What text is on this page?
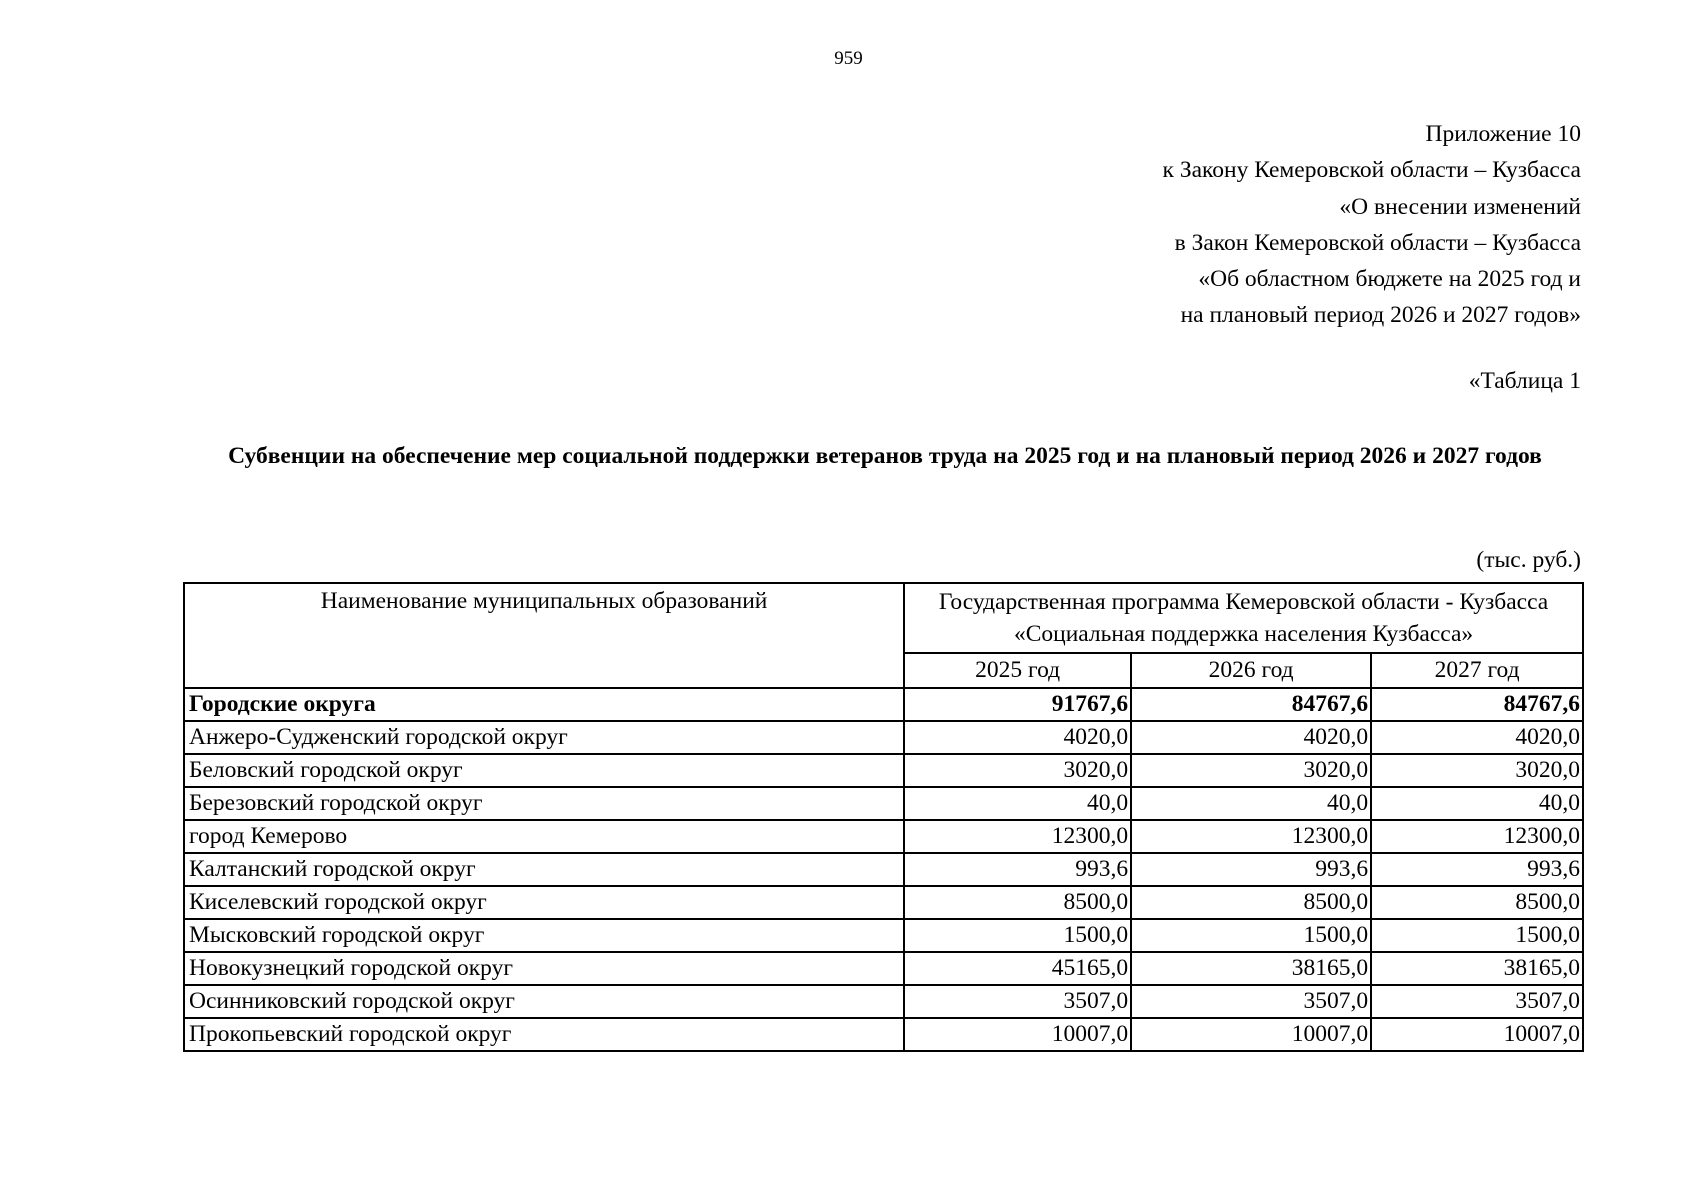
959
Приложение 10
к Закону Кемеровской области – Кузбасса
«О внесении изменений
в Закон Кемеровской области – Кузбасса
«Об областном бюджете на 2025 год и
на плановый период 2026 и 2027 годов»
«Таблица 1
Субвенции на обеспечение мер социальной поддержки ветеранов труда на 2025 год и на плановый период 2026 и 2027 годов
(тыс. руб.)
Наименование муниципальных образований	Государственная программа Кемеровской области - Кузбасса «Социальная поддержка населения Кузбасса»		
	2025 год	2026 год	2027 год
Городские округа	91767,6	84767,6	84767,6
Анжеро-Судженский городской округ	4020,0	4020,0	4020,0
Беловский городской округ	3020,0	3020,0	3020,0
Березовский городской округ	40,0	40,0	40,0
город Кемерово	12300,0	12300,0	12300,0
Калтанский городской округ	993,6	993,6	993,6
Киселевский городской округ	8500,0	8500,0	8500,0
Мысковский городской округ	1500,0	1500,0	1500,0
Новокузнецкий городской округ	45165,0	38165,0	38165,0
Осинниковский городской округ	3507,0	3507,0	3507,0
Прокопьевский городской округ	10007,0	10007,0	10007,0
